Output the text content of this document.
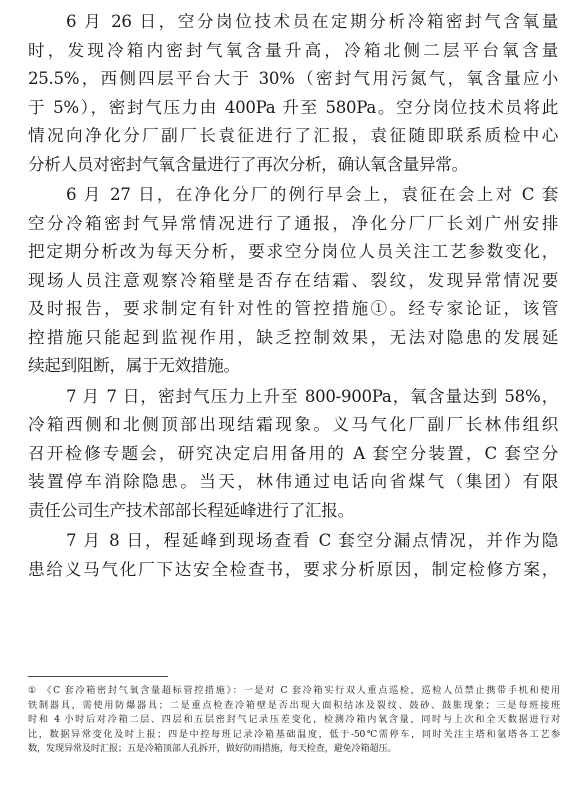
6 月 26 日，空分岗位技术员在定期分析冷箱密封气含氧量
时，发现冷箱内密封气氧含量升高，冷箱北侧二层平台氧含量
25.5%，西侧四层平台大于 30%（密封气用污氮气，氧含量应小
于 5%），密封气压力由 400Pa 升至 580Pa。空分岗位技术员将此
情况向净化分厂副厂长袁征进行了汇报，袁征随即联系质检中心
分析人员对密封气氧含量进行了再次分析，确认氧含量异常。
6 月 27 日，在净化分厂的例行早会上，袁征在会上对 C 套
空分冷箱密封气异常情况进行了通报，净化分厂厂长刘广州安排
把定期分析改为每天分析，要求空分岗位人员关注工艺参数变化，
现场人员注意观察冷箱壁是否存在结霜、裂纹，发现异常情况要
及时报告，要求制定有针对性的管控措施①。经专家论证，该管
控措施只能起到监视作用，缺乏控制效果，无法对隐患的发展延
续起到阻断，属于无效措施。
7 月 7 日，密封气压力上升至 800-900Pa，氧含量达到 58%，
冷箱西侧和北侧顶部出现结霜现象。义马气化厂副厂长林伟组织
召开检修专题会，研究决定启用备用的 A 套空分装置，C 套空分
装置停车消除隐患。当天，林伟通过电话向省煤气（集团）有限
责任公司生产技术部部长程延峰进行了汇报。
7 月 8 日，程延峰到现场查看 C 套空分漏点情况，并作为隐
患给义马气化厂下达安全检查书，要求分析原因，制定检修方案，
① 《C 套冷箱密封气氧含量超标管控措施》：一是对 C 套冷箱实行双人重点巡检，巡检人员禁止携带手机和使用
铁制器具，需使用防爆器具；二是重点检查冷箱壁是否出现大面积结冰及裂纹、鼓砂、鼓胀现象；三是每班接班
时和 4 小时后对冷箱二层、四层和五层密封气记录压差变化，检测冷箱内氧含量，同时与上次和全天数据进行对
比，数据异常变化及时上报；四是中控每班记录冷箱基础温度，低于-50℃需停车，同时关注主塔和氩塔各工艺参
数，发现异常及时汇报；五是冷箱顶部人孔拆开，做好防雨措施，每天检查，避免冷箱超压。
